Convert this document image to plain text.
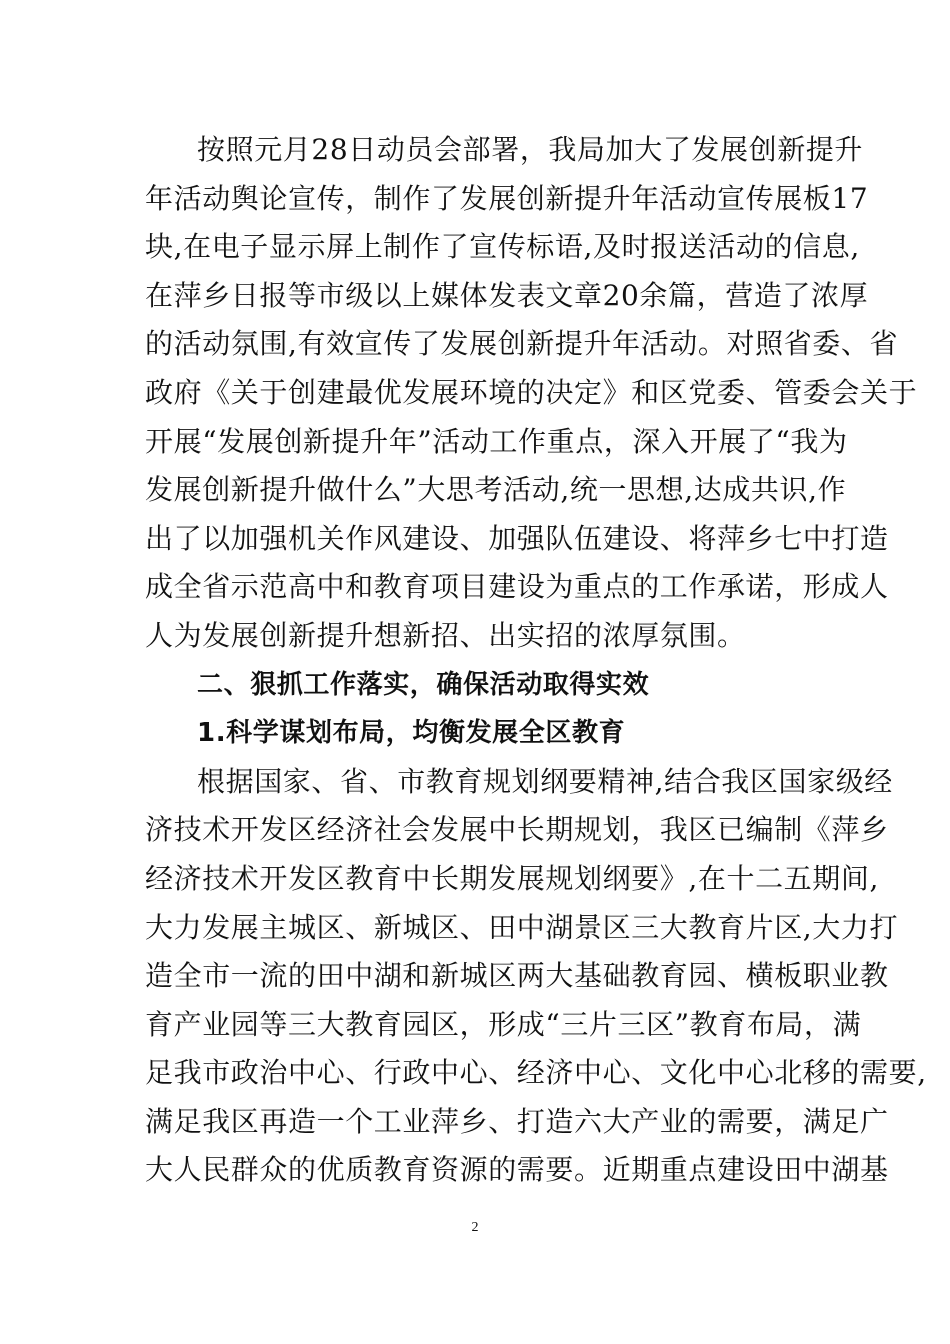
按照元月28日动员会部署，我局加大了发展创新提升
年活动舆论宣传，制作了发展创新提升年活动宣传展板17
块,在电子显示屏上制作了宣传标语,及时报送活动的信息,
在萍乡日报等市级以上媒体发表文章20余篇，营造了浓厚
的活动氛围,有效宣传了发展创新提升年活动。对照省委、省
政府《关于创建最优发展环境的决定》和区党委、管委会关于
开展“发展创新提升年”活动工作重点，深入开展了“我为
发展创新提升做什么”大思考活动,统一思想,达成共识,作
出了以加强机关作风建设、加强队伍建设、将萍乡七中打造
成全省示范高中和教育项目建设为重点的工作承诺，形成人
人为发展创新提升想新招、出实招的浓厚氛围。
二、狠抓工作落实，确保活动取得实效
1.科学谋划布局，均衡发展全区教育
根据国家、省、市教育规划纲要精神,结合我区国家级经
济技术开发区经济社会发展中长期规划，我区已编制《萍乡
经济技术开发区教育中长期发展规划纲要》,在十二五期间,
大力发展主城区、新城区、田中湖景区三大教育片区,大力打
造全市一流的田中湖和新城区两大基础教育园、横板职业教
育产业园等三大教育园区，形成“三片三区”教育布局，满
足我市政治中心、行政中心、经济中心、文化中心北移的需要,
满足我区再造一个工业萍乡、打造六大产业的需要，满足广
大人民群众的优质教育资源的需要。近期重点建设田中湖基
2
